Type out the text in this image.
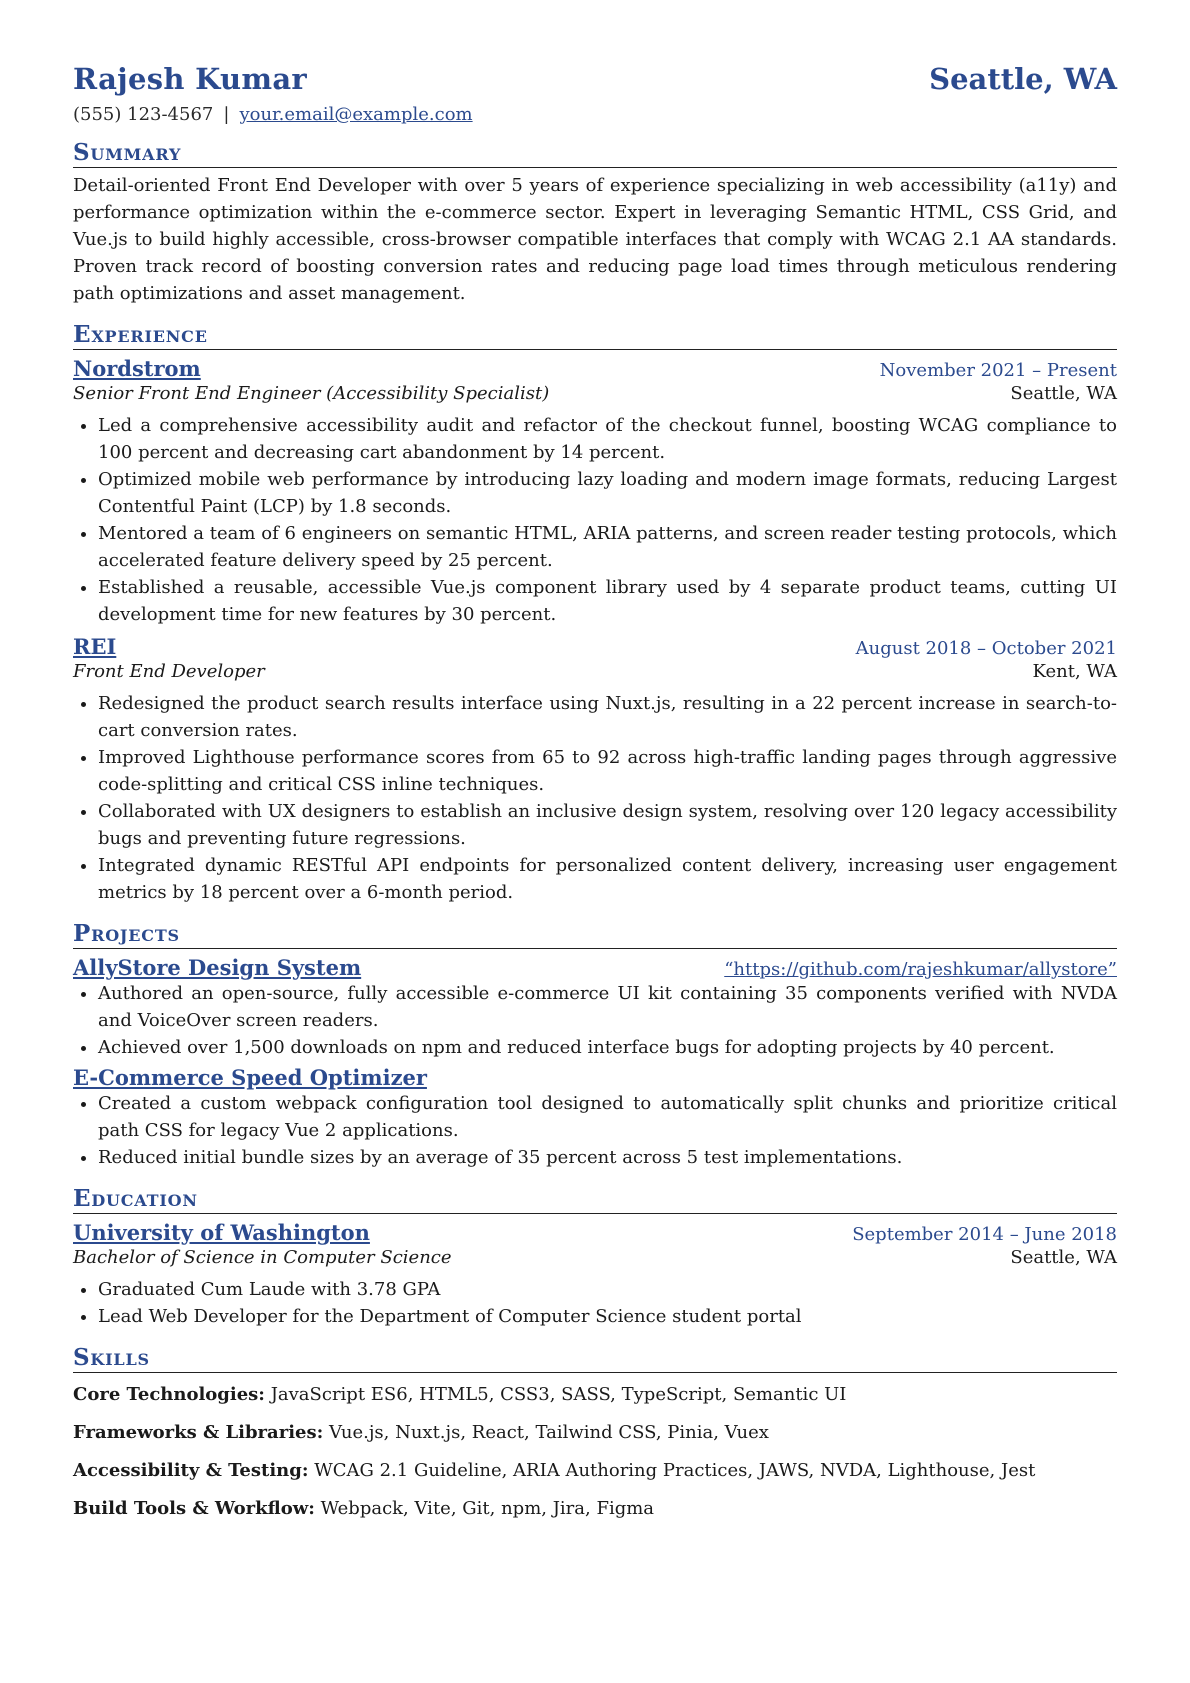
Rajesh Kumar	Seattle, WA
(555) 123-4567 | your.email@example.com
Summary
Detail-oriented Front End Developer with over 5 years of experience specializing in web accessibility (a11y) and performance optimization within the e-commerce sector. Expert in leveraging Semantic HTML, CSS Grid, and Vue.js to build highly accessible, cross-browser compatible interfaces that comply with WCAG 2.1 AA standards. Proven track record of boosting conversion rates and reducing page load times through meticulous rendering path optimizations and asset management.
Experience
Nordstrom	November 2021 – Present
Senior Front End Engineer (Accessibility Specialist)	Seattle, WA
• Led a comprehensive accessibility audit and refactor of the checkout funnel, boosting WCAG compliance to 100 percent and decreasing cart abandonment by 14 percent.
• Optimized mobile web performance by introducing lazy loading and modern image formats, reducing Largest Contentful Paint (LCP) by 1.8 seconds.
• Mentored a team of 6 engineers on semantic HTML, ARIA patterns, and screen reader testing protocols, which accelerated feature delivery speed by 25 percent.
• Established a reusable, accessible Vue.js component library used by 4 separate product teams, cutting UI development time for new features by 30 percent.
REI	August 2018 – October 2021
Front End Developer	Kent, WA
• Redesigned the product search results interface using Nuxt.js, resulting in a 22 percent increase in search-to-cart conversion rates.
• Improved Lighthouse performance scores from 65 to 92 across high-traffic landing pages through aggressive code-splitting and critical CSS inline techniques.
• Collaborated with UX designers to establish an inclusive design system, resolving over 120 legacy accessibility bugs and preventing future regressions.
• Integrated dynamic RESTful API endpoints for personalized content delivery, increasing user engagement metrics by 18 percent over a 6-month period.
Projects
AllyStore Design System	“https://github.com/rajeshkumar/allystore”
• Authored an open-source, fully accessible e-commerce UI kit containing 35 components verified with NVDA and VoiceOver screen readers.
• Achieved over 1,500 downloads on npm and reduced interface bugs for adopting projects by 40 percent.
E-Commerce Speed Optimizer
• Created a custom webpack configuration tool designed to automatically split chunks and prioritize critical path CSS for legacy Vue 2 applications.
• Reduced initial bundle sizes by an average of 35 percent across 5 test implementations.
Education
University of Washington	September 2014 – June 2018
Bachelor of Science in Computer Science	Seattle, WA
• Graduated Cum Laude with 3.78 GPA
• Lead Web Developer for the Department of Computer Science student portal
Skills
Core Technologies: JavaScript ES6, HTML5, CSS3, SASS, TypeScript, Semantic UI
Frameworks & Libraries: Vue.js, Nuxt.js, React, Tailwind CSS, Pinia, Vuex
Accessibility & Testing: WCAG 2.1 Guideline, ARIA Authoring Practices, JAWS, NVDA, Lighthouse, Jest
Build Tools & Workflow: Webpack, Vite, Git, npm, Jira, Figma
